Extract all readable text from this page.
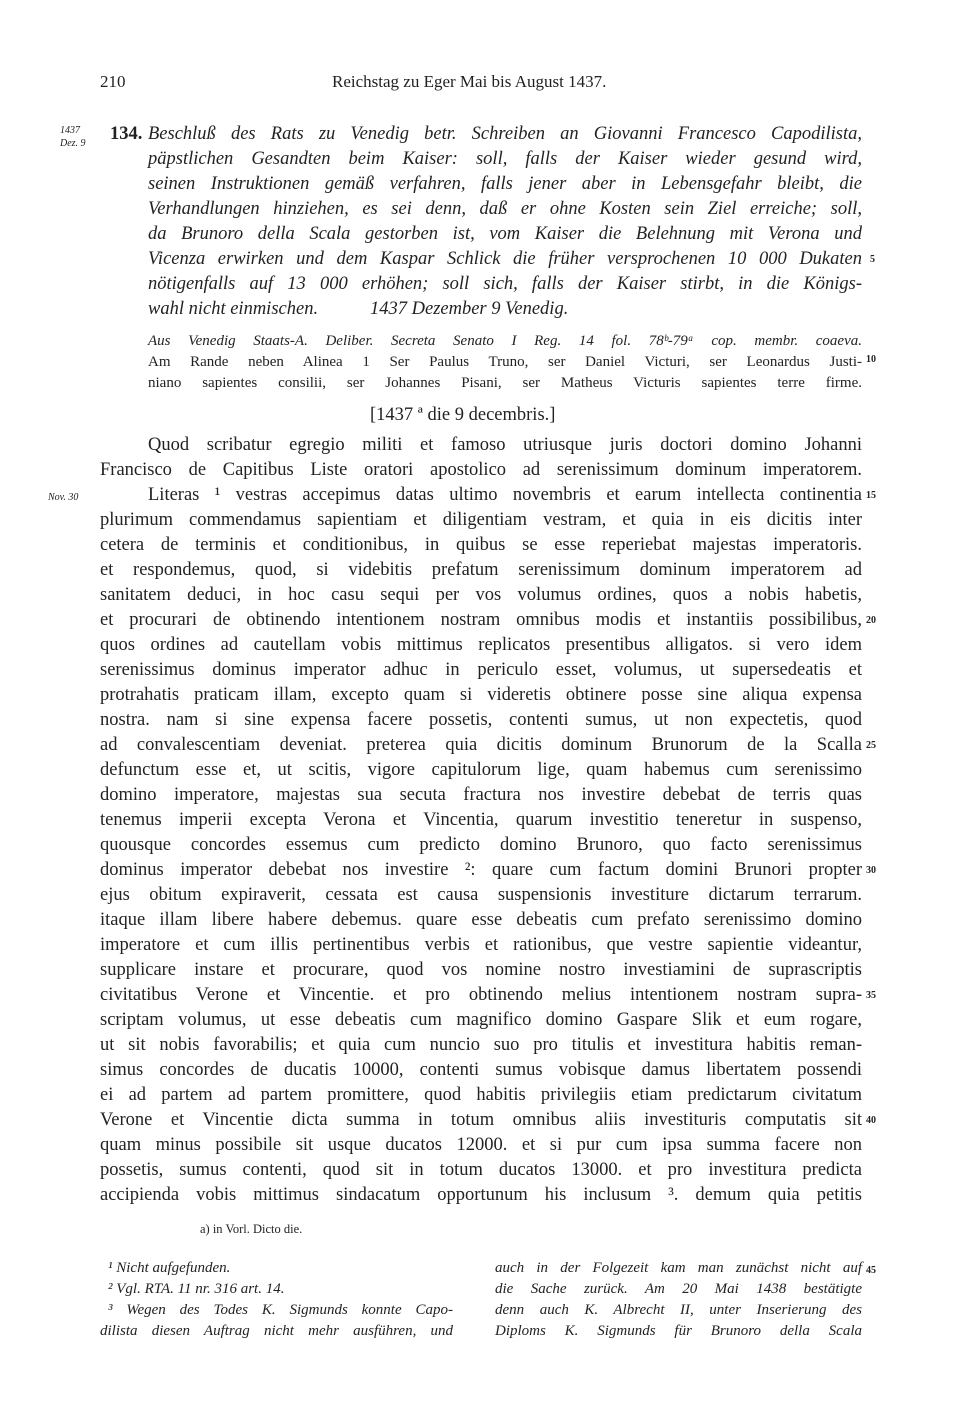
210	Reichstag zu Eger Mai bis August 1437.
1437
Dez. 9 134. Beschluß des Rats zu Venedig betr. Schreiben an Giovanni Francesco Capodilista,
päpstlichen Gesandten beim Kaiser: soll, falls der Kaiser wieder gesund wird,
seinen Instruktionen gemäß verfahren, falls jener aber in Lebensgefahr bleibt, die
Verhandlungen hinziehen, es sei denn, daß er ohne Kosten sein Ziel erreiche; soll,
da Brunoro della Scala gestorben ist, vom Kaiser die Belehnung mit Verona und
Vicenza erwirken und dem Kaspar Schlick die früher versprochenen 10 000 Dukaten
nötigenfalls auf 13 000 erhöhen; soll sich, falls der Kaiser stirbt, in die Königs-
wahl nicht einmischen.	1437 Dezember 9 Venedig.
Aus Venedig Staats-A. Deliber. Secreta Senato I Reg. 14 fol. 78ᵇ-79ᵃ cop. membr. coaeva.
Am Rande neben Alinea 1 Ser Paulus Truno, ser Daniel Victuri, ser Leonardus Justi-
niano sapientes consilii, ser Johannes Pisani, ser Matheus Victuris sapientes terre firme.
[1437 ª die 9 decembris.]
Quod scribatur egregio militi et famoso utriusque juris doctori domino Johanni
Francisco de Capitibus Liste oratori apostolico ad serenissimum dominum imperatorem.
Nov. 30	Literas ¹ vestras accepimus datas ultimo novembris et earum intellecta continentia
plurimum commendamus sapientiam et diligentiam vestram, et quia in eis dicitis inter
cetera de terminis et conditionibus, in quibus se esse reperiebat majestas imperatoris.
et respondemus, quod, si videbitis prefatum serenissimum dominum imperatorem ad
sanitatem deduci, in hoc casu sequi per vos volumus ordines, quos a nobis habetis,
et procurari de obtinendo intentionem nostram omnibus modis et instantiis possibilibus,
quos ordines ad cautellam vobis mittimus replicatos presentibus alligatos. si vero idem
serenissimus dominus imperator adhuc in periculo esset, volumus, ut supersedeatis et
protrahatis praticam illam, excepto quam si videretis obtinere posse sine aliqua expensa
nostra. nam si sine expensa facere possetis, contenti sumus, ut non expectetis, quod
ad convalescentiam deveniat. preterea quia dicitis dominum Brunorum de la Scalla
defunctum esse et, ut scitis, vigore capitulorum lige, quam habemus cum serenissimo
domino imperatore, majestas sua secuta fractura nos investire debebat de terris quas
tenemus imperii excepta Verona et Vincentia, quarum investitio teneretur in suspenso,
quousque concordes essemus cum predicto domino Brunoro, quo facto serenissimus
dominus imperator debebat nos investire ²: quare cum factum domini Brunori propter
ejus obitum expiraverit, cessata est causa suspensionis investiture dictarum terrarum.
itaque illam libere habere debemus. quare esse debeatis cum prefato serenissimo domino
imperatore et cum illis pertinentibus verbis et rationibus, que vestre sapientie videantur,
supplicare instare et procurare, quod vos nomine nostro investiamini de suprascriptis
civitatibus Verone et Vincentie. et pro obtinendo melius intentionem nostram supra-
scriptam volumus, ut esse debeatis cum magnifico domino Gaspare Slik et eum rogare,
ut sit nobis favorabilis; et quia cum nuncio suo pro titulis et investitura habitis reman-
simus concordes de ducatis 10000, contenti sumus vobisque damus libertatem possendi
ei ad partem ad partem promittere, quod habitis privilegiis etiam predictarum civitatum
Verone et Vincentie dicta summa in totum omnibus aliis investituris computatis sit
quam minus possibile sit usque ducatos 12000. et si pur cum ipsa summa facere non
possetis, sumus contenti, quod sit in totum ducatos 13000. et pro investitura predicta
accipienda vobis mittimus sindacatum opportunum his inclusum ³. demum quia petitis
5
10
15
20
25
30
35
40
45
a) in Vorl. Dicto die.
¹ Nicht aufgefunden.
² Vgl. RTA. 11 nr. 316 art. 14.
³ Wegen des Todes K. Sigmunds konnte Capo-
dilista diesen Auftrag nicht mehr ausführen, und
auch in der Folgezeit kam man zunächst nicht auf
die Sache zurück. Am 20 Mai 1438 bestätigte
denn auch K. Albrecht II, unter Inserierung des
Diploms K. Sigmunds für Brunoro della Scala
